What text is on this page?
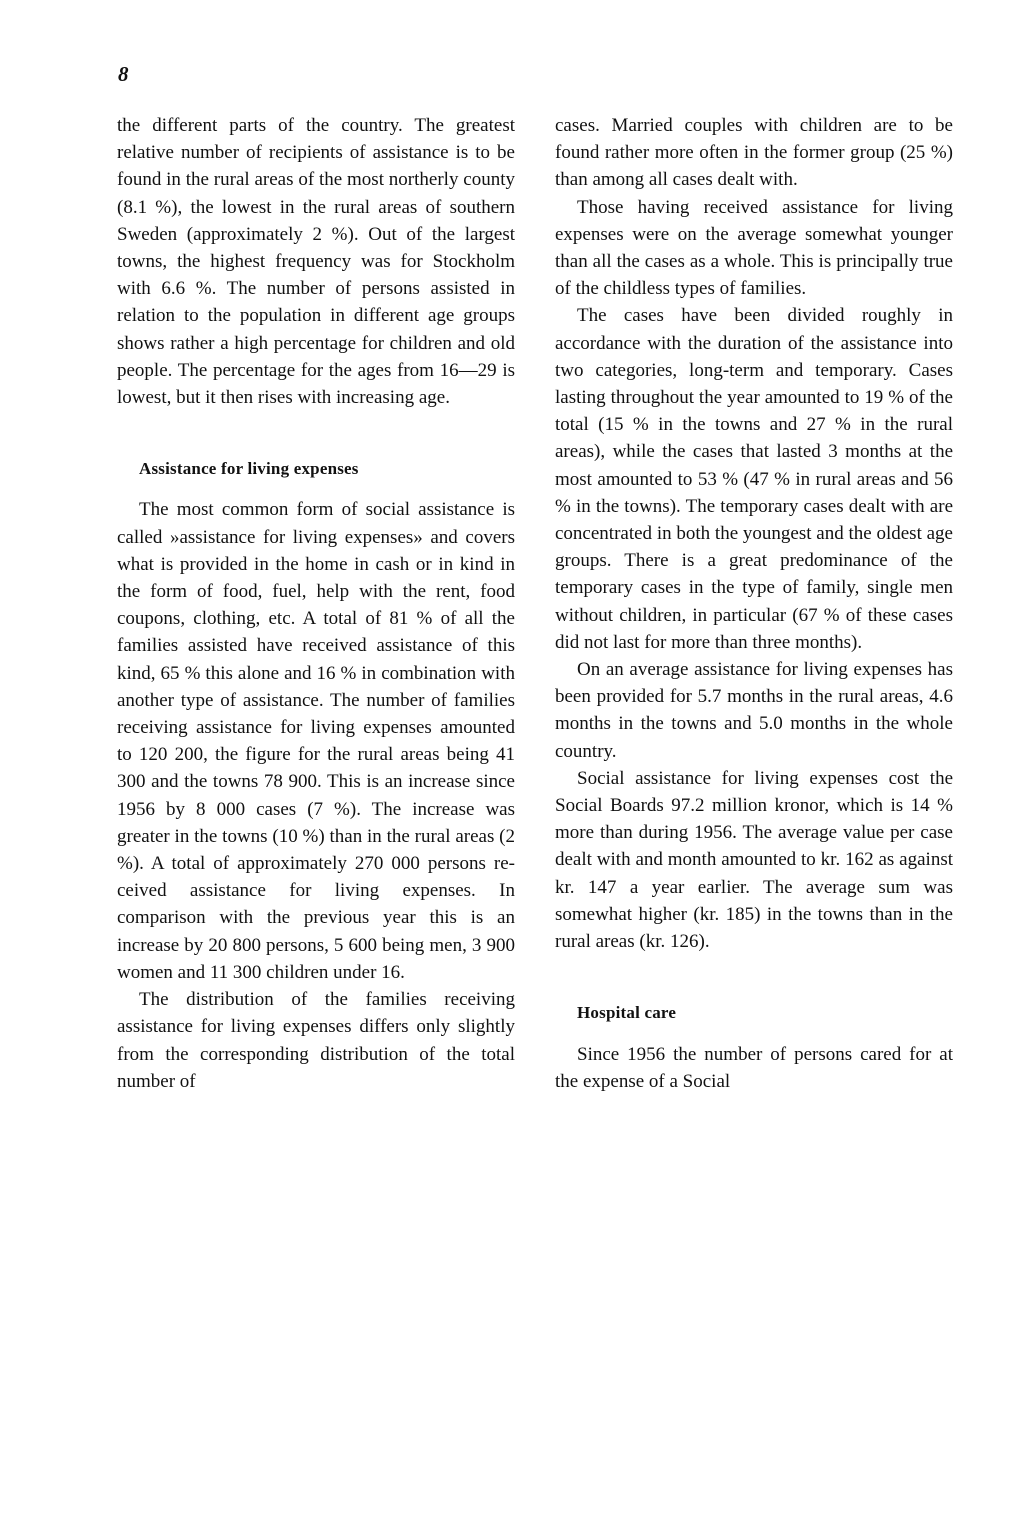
8

the different parts of the country. The greatest relative number of recipients of assistance is to be found in the rural areas of the most northerly county (8.1 %), the lowest in the rural areas of southern Sweden (approximately 2 %). Out of the largest towns, the highest frequency was for Stockholm with 6.6 %. The number of persons assisted in relation to the population in different age groups shows rather a high percentage for children and old people. The percentage for the ages from 16—29 is lowest, but it then rises with increasing age.

Assistance for living expenses

The most common form of social assistance is called »assistance for living expenses» and covers what is provided in the home in cash or in kind in the form of food, fuel, help with the rent, food coupons, clothing, etc. A total of 81 % of all the families assisted have received assistance of this kind, 65 % this alone and 16 % in combination with another type of assistance. The number of families receiving assistance for living expenses amounted to 120 200, the figure for the rural areas being 41 300 and the towns 78 900. This is an increase since 1956 by 8 000 cases (7 %). The increase was greater in the towns (10 %) than in the rural areas (2 %). A total of approximately 270 000 persons received assistance for living expenses. In comparison with the previous year this is an increase by 20 800 persons, 5 600 being men, 3 900 women and 11 300 children under 16.

The distribution of the families receiving assistance for living expenses differs only slightly from the corresponding distribution of the total number of

cases. Married couples with children are to be found rather more often in the former group (25 %) than among all cases dealt with.

Those having received assistance for living expenses were on the average somewhat younger than all the cases as a whole. This is principally true of the childless types of families.

The cases have been divided roughly in accordance with the duration of the assistance into two categories, long-term and temporary. Cases lasting throughout the year amounted to 19 % of the total (15 % in the towns and 27 % in the rural areas), while the cases that lasted 3 months at the most amounted to 53 % (47 % in rural areas and 56 % in the towns). The temporary cases dealt with are concentrated in both the youngest and the oldest age groups. There is a great predominance of the temporary cases in the type of family, single men without children, in particular (67 % of these cases did not last for more than three months).

On an average assistance for living expenses has been provided for 5.7 months in the rural areas, 4.6 months in the towns and 5.0 months in the whole country.

Social assistance for living expenses cost the Social Boards 97.2 million kronor, which is 14 % more than during 1956. The average value per case dealt with and month amounted to kr. 162 as against kr. 147 a year earlier. The average sum was somewhat higher (kr. 185) in the towns than in the rural areas (kr. 126).

Hospital care

Since 1956 the number of persons cared for at the expense of a Social
